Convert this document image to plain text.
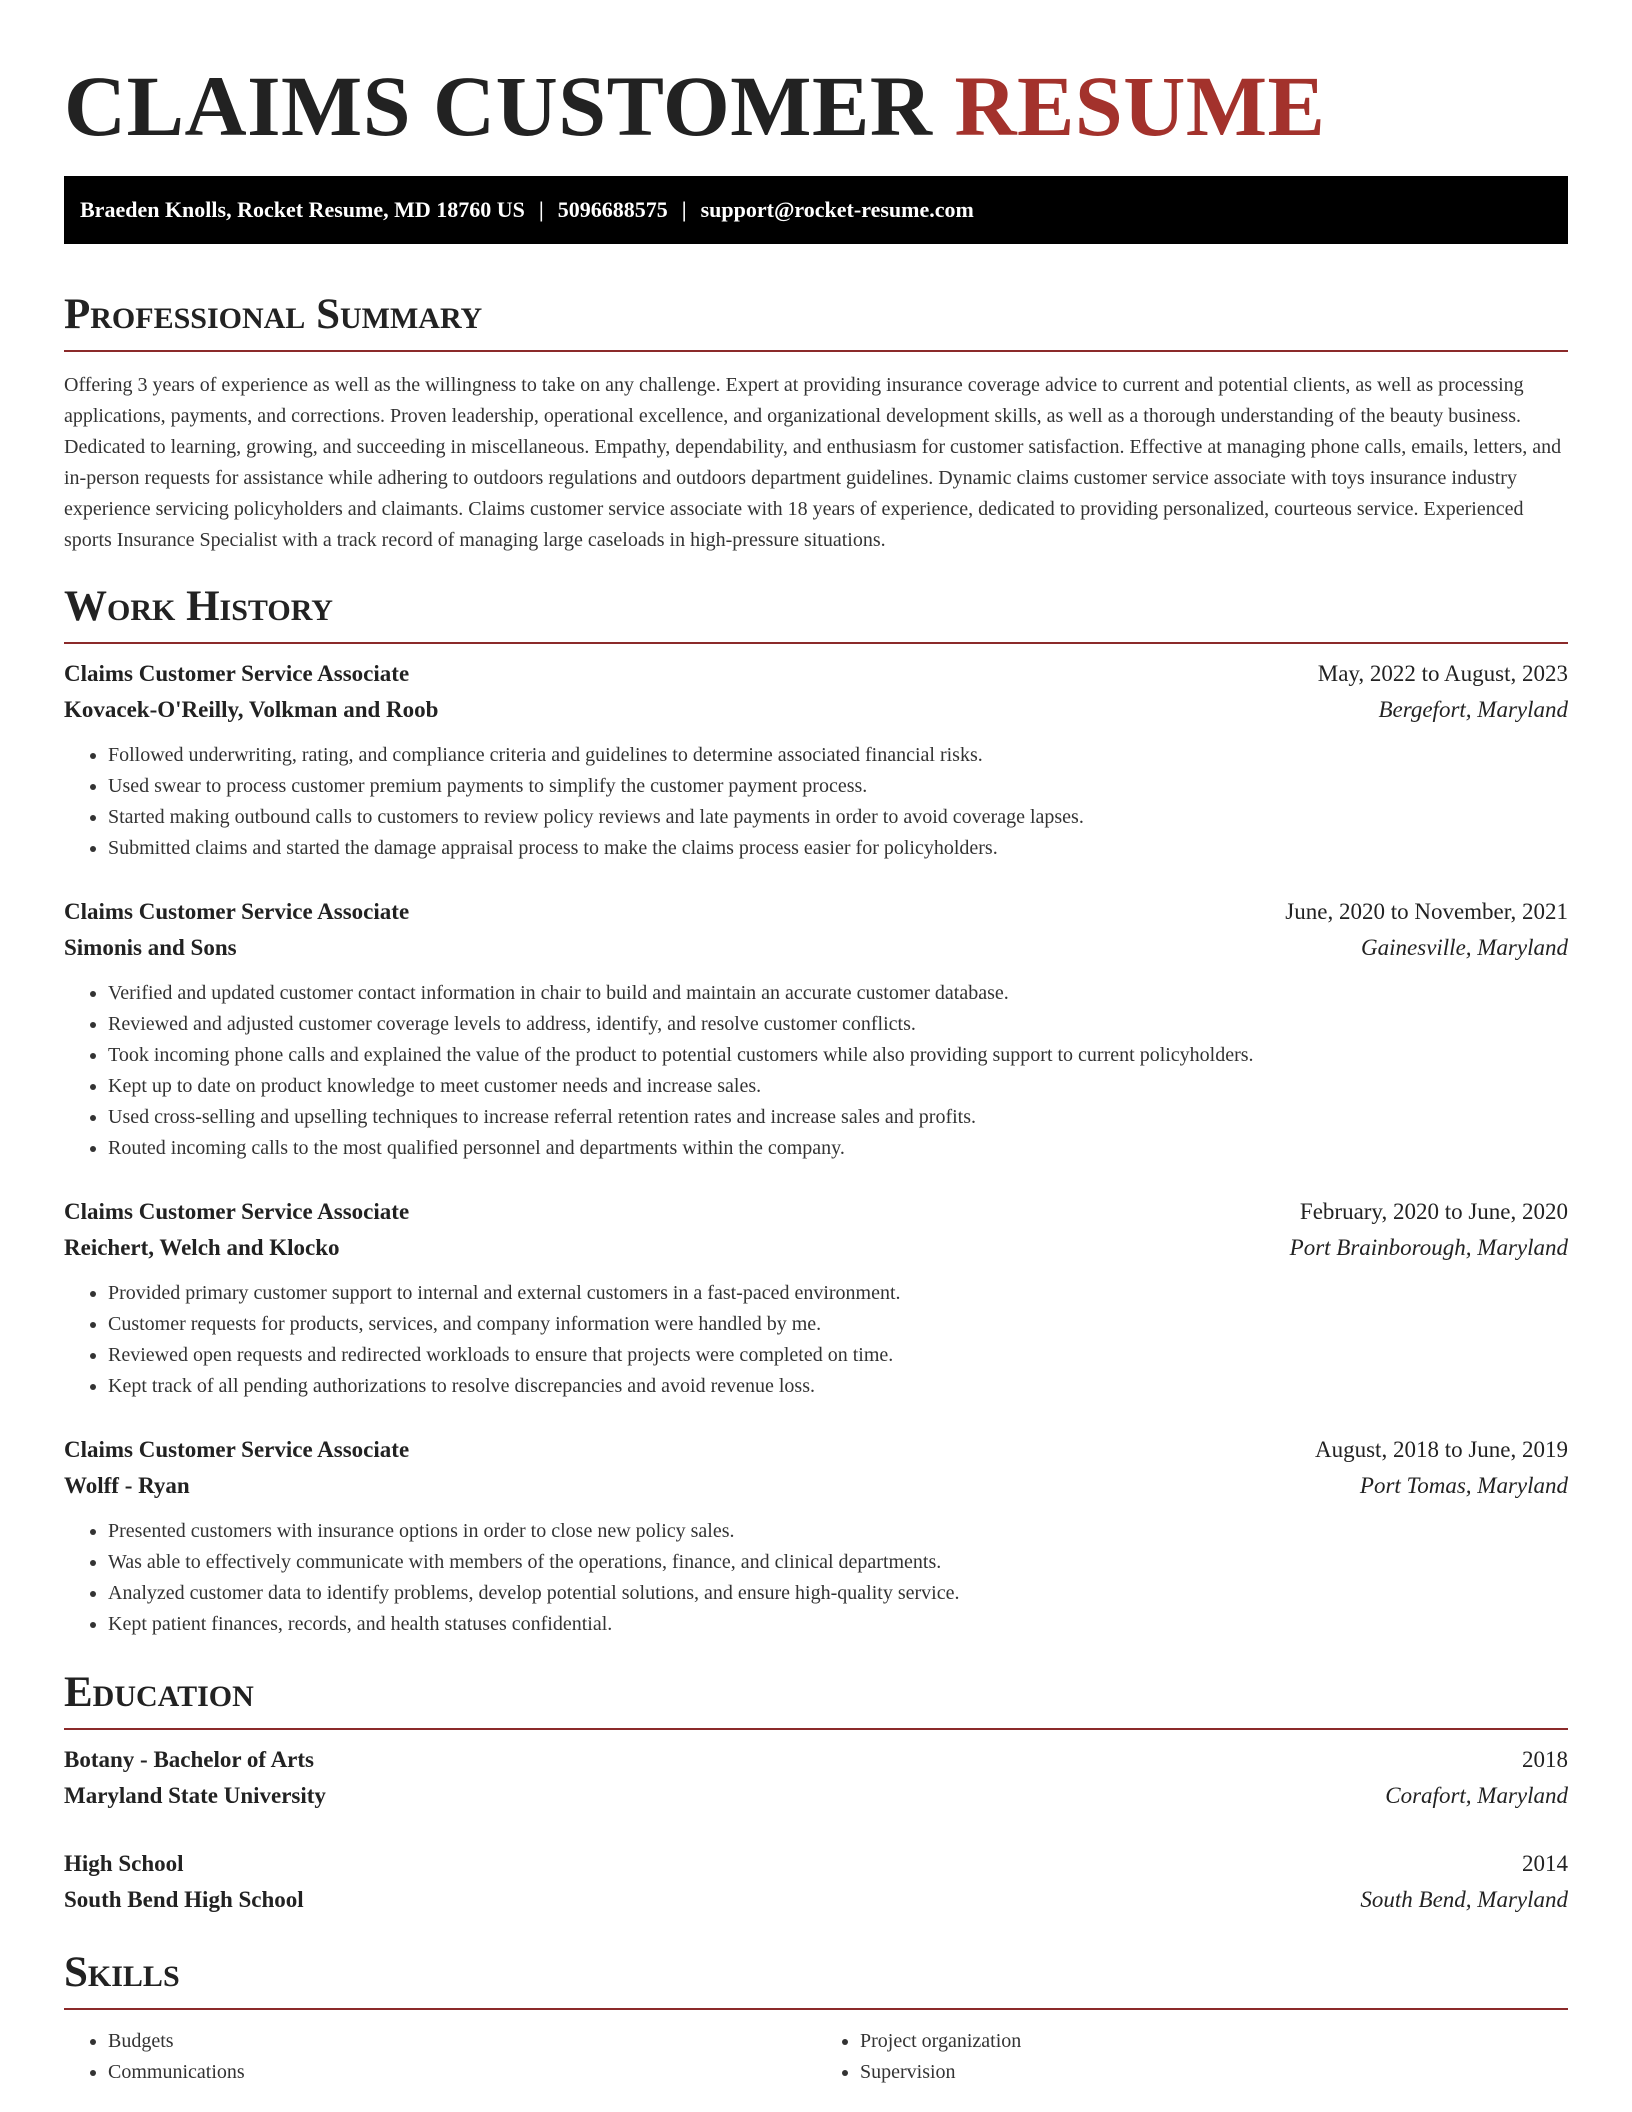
CLAIMS CUSTOMER RESUME
Braeden Knolls, Rocket Resume, MD 18760 US | 5096688575 | support@rocket-resume.com
Professional Summary

Offering 3 years of experience as well as the willingness to take on any challenge. Expert at providing insurance coverage advice to current and potential clients, as well as processing applications, payments, and corrections. Proven leadership, operational excellence, and organizational development skills, as well as a thorough understanding of the beauty business. Dedicated to learning, growing, and succeeding in miscellaneous. Empathy, dependability, and enthusiasm for customer satisfaction. Effective at managing phone calls, emails, letters, and in-person requests for assistance while adhering to outdoors regulations and outdoors department guidelines. Dynamic claims customer service associate with toys insurance industry experience servicing policyholders and claimants. Claims customer service associate with 18 years of experience, dedicated to providing personalized, courteous service. Experienced sports Insurance Specialist with a track record of managing large caseloads in high-pressure situations.

Work History
Claims Customer Service Associate	May, 2022 to August, 2023
Kovacek-O'Reilly, Volkman and Roob	Bergefort, Maryland
• Followed underwriting, rating, and compliance criteria and guidelines to determine associated financial risks.
• Used swear to process customer premium payments to simplify the customer payment process.
• Started making outbound calls to customers to review policy reviews and late payments in order to avoid coverage lapses.
• Submitted claims and started the damage appraisal process to make the claims process easier for policyholders.
Claims Customer Service Associate	June, 2020 to November, 2021
Simonis and Sons	Gainesville, Maryland
• Verified and updated customer contact information in chair to build and maintain an accurate customer database.
• Reviewed and adjusted customer coverage levels to address, identify, and resolve customer conflicts.
• Took incoming phone calls and explained the value of the product to potential customers while also providing support to current policyholders.
• Kept up to date on product knowledge to meet customer needs and increase sales.
• Used cross-selling and upselling techniques to increase referral retention rates and increase sales and profits.
• Routed incoming calls to the most qualified personnel and departments within the company.
Claims Customer Service Associate	February, 2020 to June, 2020
Reichert, Welch and Klocko	Port Brainborough, Maryland
• Provided primary customer support to internal and external customers in a fast-paced environment.
• Customer requests for products, services, and company information were handled by me.
• Reviewed open requests and redirected workloads to ensure that projects were completed on time.
• Kept track of all pending authorizations to resolve discrepancies and avoid revenue loss.
Claims Customer Service Associate	August, 2018 to June, 2019
Wolff - Ryan	Port Tomas, Maryland
• Presented customers with insurance options in order to close new policy sales.
• Was able to effectively communicate with members of the operations, finance, and clinical departments.
• Analyzed customer data to identify problems, develop potential solutions, and ensure high-quality service.
• Kept patient finances, records, and health statuses confidential.
Education
Botany - Bachelor of Arts	2018
Maryland State University	Corafort, Maryland
High School	2014
South Bend High School	South Bend, Maryland
Skills
• Budgets
• Communications
• Project organization
• Supervision
